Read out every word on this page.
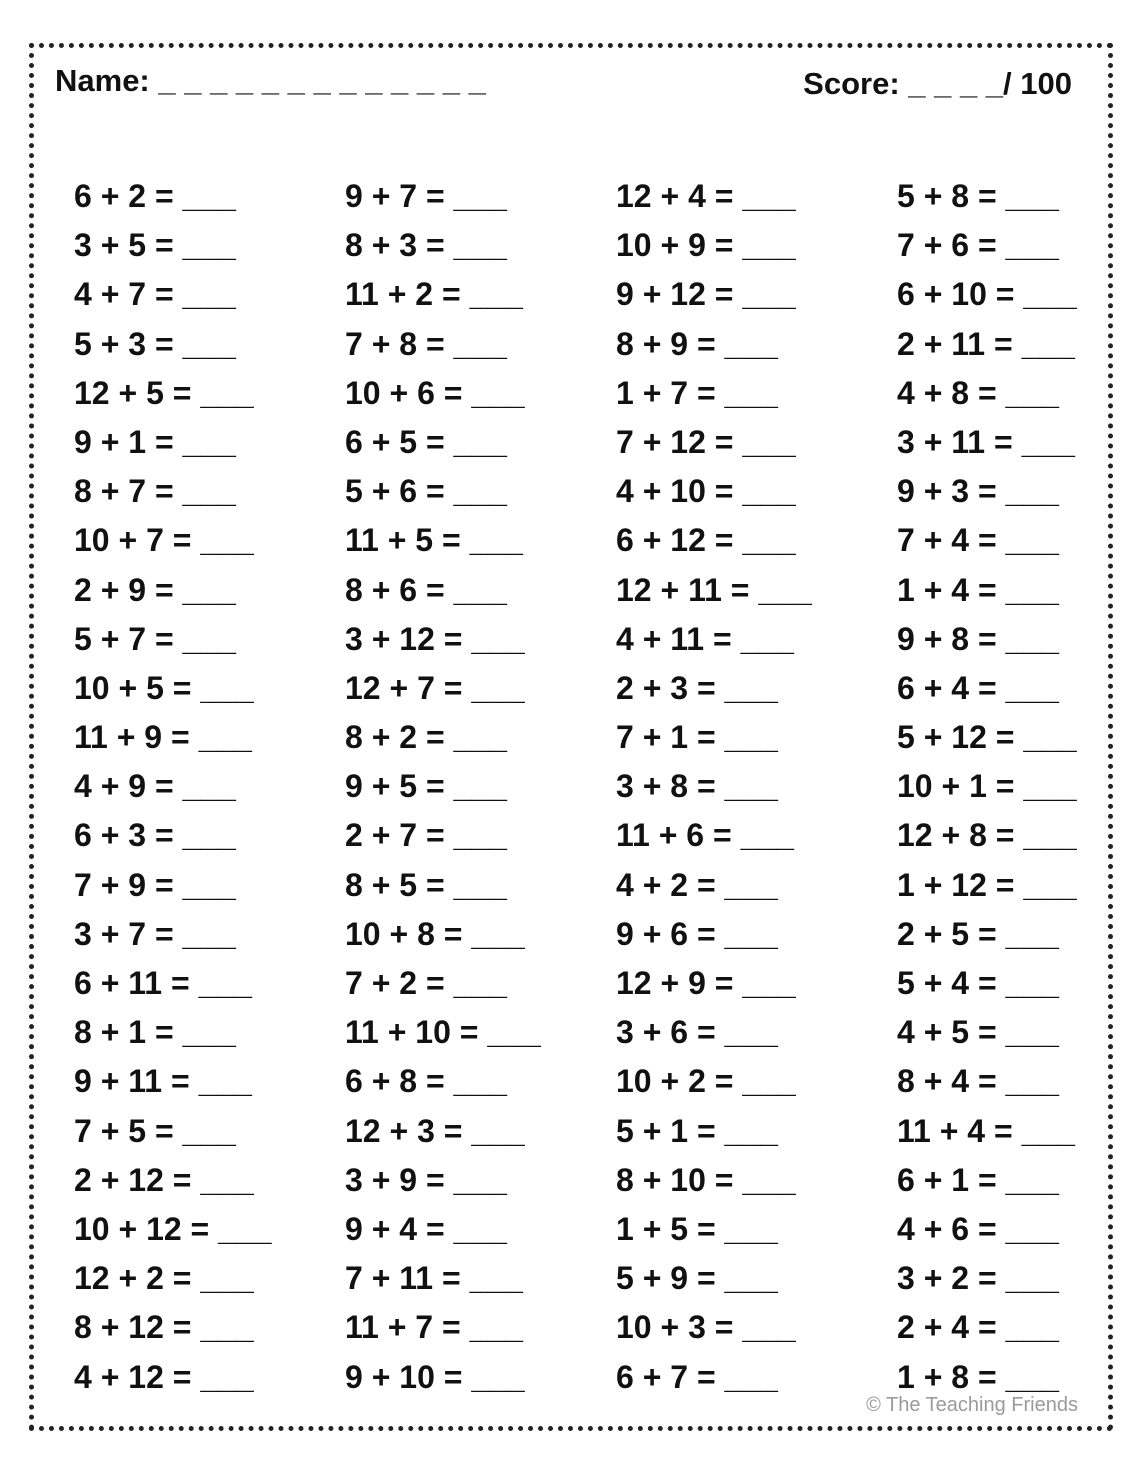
Name: _ _ _ _ _ _ _ _ _ _ _ _ _	Score: _ _ _ _/ 100
6 + 2 = ___
3 + 5 = ___
4 + 7 = ___
5 + 3 = ___
12 + 5 = ___
9 + 1 = ___
8 + 7 = ___
10 + 7 = ___
2 + 9 = ___
5 + 7 = ___
10 + 5 = ___
11 + 9 = ___
4 + 9 = ___
6 + 3 = ___
7 + 9 = ___
3 + 7 = ___
6 + 11 = ___
8 + 1 = ___
9 + 11 = ___
7 + 5 = ___
2 + 12 = ___
10 + 12 = ___
12 + 2 = ___
8 + 12 = ___
4 + 12 = ___
9 + 7 = ___
8 + 3 = ___
11 + 2 = ___
7 + 8 = ___
10 + 6 = ___
6 + 5 = ___
5 + 6 = ___
11 + 5 = ___
8 + 6 = ___
3 + 12 = ___
12 + 7 = ___
8 + 2 = ___
9 + 5 = ___
2 + 7 = ___
8 + 5 = ___
10 + 8 = ___
7 + 2 = ___
11 + 10 = ___
6 + 8 = ___
12 + 3 = ___
3 + 9 = ___
9 + 4 = ___
7 + 11 = ___
11 + 7 = ___
9 + 10 = ___
12 + 4 = ___
10 + 9 = ___
9 + 12 = ___
8 + 9 = ___
1 + 7 = ___
7 + 12 = ___
4 + 10 = ___
6 + 12 = ___
12 + 11 = ___
4 + 11 = ___
2 + 3 = ___
7 + 1 = ___
3 + 8 = ___
11 + 6 = ___
4 + 2 = ___
9 + 6 = ___
12 + 9 = ___
3 + 6 = ___
10 + 2 = ___
5 + 1 = ___
8 + 10 = ___
1 + 5 = ___
5 + 9 = ___
10 + 3 = ___
6 + 7 = ___
5 + 8 = ___
7 + 6 = ___
6 + 10 = ___
2 + 11 = ___
4 + 8 = ___
3 + 11 = ___
9 + 3 = ___
7 + 4 = ___
1 + 4 = ___
9 + 8 = ___
6 + 4 = ___
5 + 12 = ___
10 + 1 = ___
12 + 8 = ___
1 + 12 = ___
2 + 5 = ___
5 + 4 = ___
4 + 5 = ___
8 + 4 = ___
11 + 4 = ___
6 + 1 = ___
4 + 6 = ___
3 + 2 = ___
2 + 4 = ___
1 + 8 = ___
© The Teaching Friends
